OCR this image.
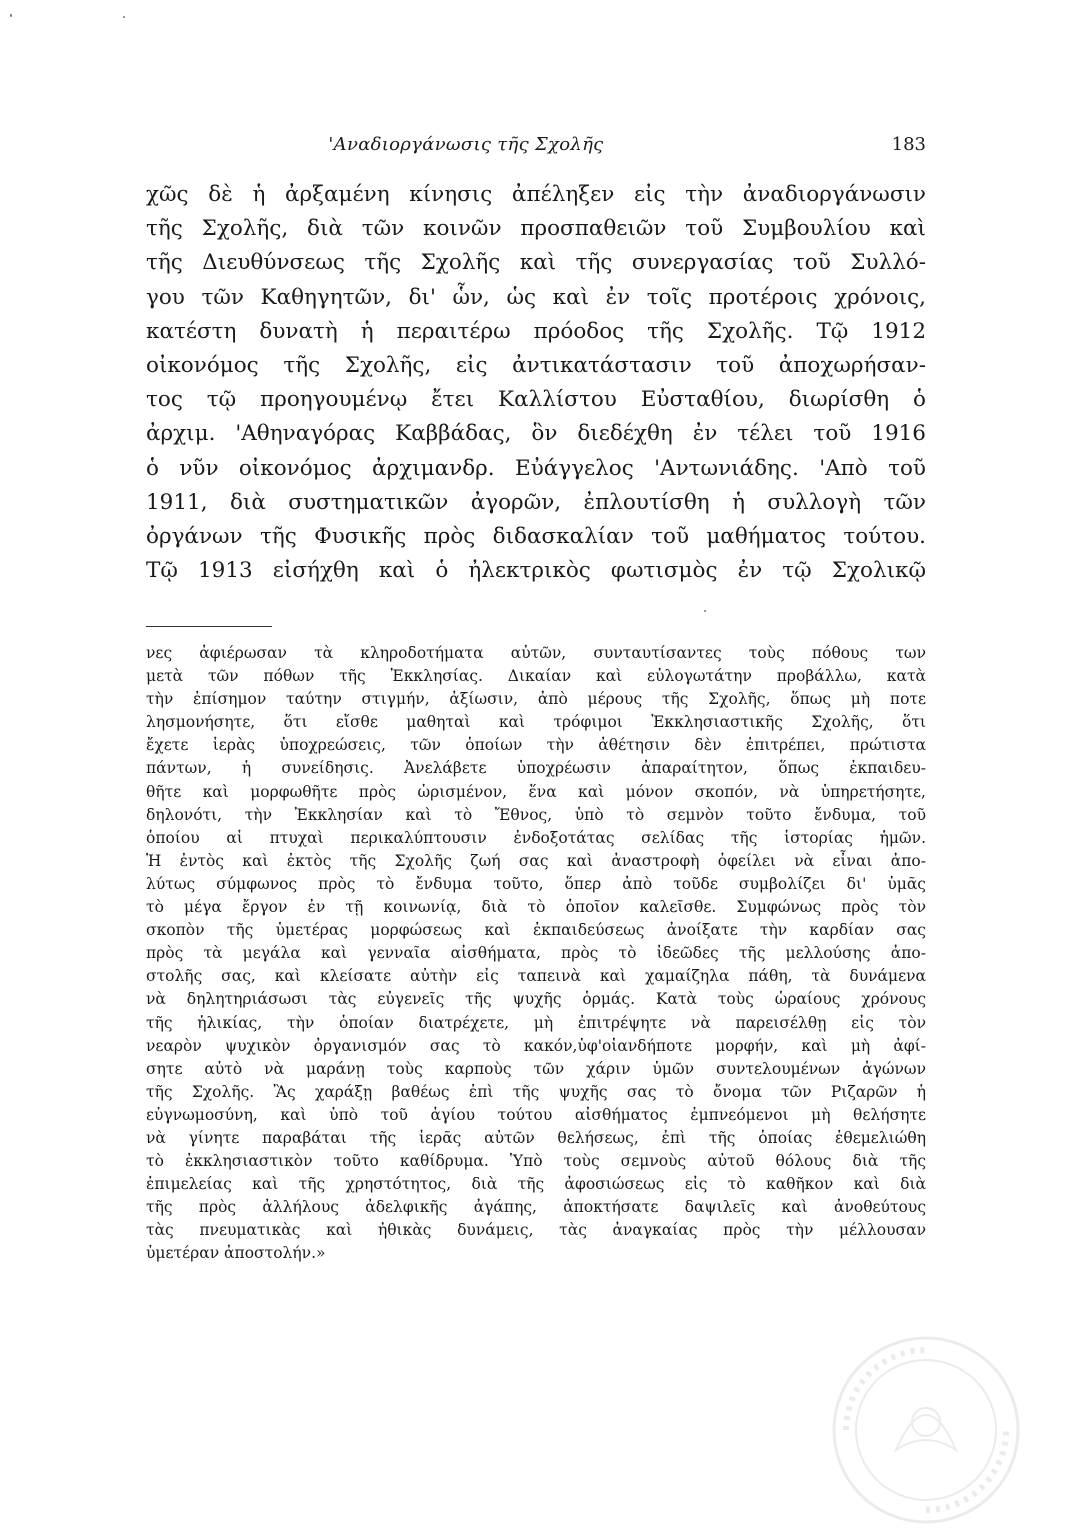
'Αναδιοργάνωσις τῆς Σχολῆς	183
χῶς δὲ ἡ ἀρξαμένη κίνησις ἀπέληξεν εἰς τὴν ἀναδιοργάνωσιν
τῆς Σχολῆς, διὰ τῶν κοινῶν προσπαθειῶν τοῦ Συμβουλίου καὶ
τῆς Διευθύνσεως τῆς Σχολῆς καὶ τῆς συνεργασίας τοῦ Συλλό-
γου τῶν Καθηγητῶν, δι' ὧν, ὡς καὶ ἐν τοῖς προτέροις χρόνοις,
κατέστη δυνατὴ ἡ περαιτέρω πρόοδος τῆς Σχολῆς. Τῷ 1912
οἰκονόμος τῆς Σχολῆς, εἰς ἀντικατάστασιν τοῦ ἀποχωρήσαν-
τος τῷ προηγουμένῳ ἔτει Καλλίστου Εὐσταθίου, διωρίσθη ὁ
ἀρχιμ. 'Αθηναγόρας Καββάδας, ὃν διεδέχθη ἐν τέλει τοῦ 1916
ὁ νῦν οἰκονόμος ἀρχιμανδρ. Εὐάγγελος 'Αντωνιάδης. 'Απὸ τοῦ
1911, διὰ συστηματικῶν ἀγορῶν, ἐπλουτίσθη ἡ συλλογὴ τῶν
ὀργάνων τῆς Φυσικῆς πρὸς διδασκαλίαν τοῦ μαθήματος τούτου.
Τῷ 1913 εἰσήχθη καὶ ὁ ἠλεκτρικὸς φωτισμὸς ἐν τῷ Σχολικῷ
νες ἀφιέρωσαν τὰ κληροδοτήματα αὐτῶν, συνταυτίσαντες τοὺς πόθους των
μετὰ τῶν πόθων τῆς Ἐκκλησίας. Δικαίαν καὶ εὐλογωτάτην προβάλλω, κατὰ
τὴν ἐπίσημον ταύτην στιγμήν, ἀξίωσιν, ἀπὸ μέρους τῆς Σχολῆς, ὅπως μὴ ποτε
λησμονήσητε, ὅτι εἴσθε μαθηταὶ καὶ τρόφιμοι Ἐκκλησιαστικῆς Σχολῆς, ὅτι
ἔχετε ἱερὰς ὑποχρεώσεις, τῶν ὁποίων τὴν ἀθέτησιν δὲν ἐπιτρέπει, πρώτιστα
πάντων, ἡ συνείδησις. Ἀνελάβετε ὑποχρέωσιν ἀπαραίτητον, ὅπως ἐκπαιδευ-
θῆτε καὶ μορφωθῆτε πρὸς ὡρισμένον, ἕνα καὶ μόνον σκοπόν, νὰ ὑπηρετήσητε,
δηλονότι, τὴν Ἐκκλησίαν καὶ τὸ Ἔθνος, ὑπὸ τὸ σεμνὸν τοῦτο ἔνδυμα, τοῦ
ὁποίου αἱ πτυχαὶ περικαλύπτουσιν ἐνδοξοτάτας σελίδας τῆς ἱστορίας ἡμῶν.
Ἡ ἐντὸς καὶ ἐκτὸς τῆς Σχολῆς ζωή σας καὶ ἀναστροφὴ ὀφείλει νὰ εἶναι ἀπο-
λύτως σύμφωνος πρὸς τὸ ἔνδυμα τοῦτο, ὅπερ ἀπὸ τοῦδε συμβολίζει δι' ὑμᾶς
τὸ μέγα ἔργον ἐν τῇ κοινωνίᾳ, διὰ τὸ ὁποῖον καλεῖσθε. Συμφώνως πρὸς τὸν
σκοπὸν τῆς ὑμετέρας μορφώσεως καὶ ἐκπαιδεύσεως ἀνοίξατε τὴν καρδίαν σας
πρὸς τὰ μεγάλα καὶ γενναῖα αἰσθήματα, πρὸς τὸ ἰδεῶδες τῆς μελλούσης ἀπο-
στολῆς σας, καὶ κλείσατε αὐτὴν εἰς ταπεινὰ καὶ χαμαίζηλα πάθη, τὰ δυνάμενα
νὰ δηλητηριάσωσι τὰς εὐγενεῖς τῆς ψυχῆς ὁρμάς. Κατὰ τοὺς ὡραίους χρόνους
τῆς ἡλικίας, τὴν ὁποίαν διατρέχετε, μὴ ἐπιτρέψητε νὰ παρεισέλθῃ εἰς τὸν
νεαρὸν ψυχικὸν ὀργανισμόν σας τὸ κακόν,ὑφ'οἱανδήποτε μορφήν, καὶ μὴ ἀφί-
σητε αὐτὸ νὰ μαράνῃ τοὺς καρποὺς τῶν χάριν ὑμῶν συντελουμένων ἀγώνων
τῆς Σχολῆς. Ἂς χαράξῃ βαθέως ἐπὶ τῆς ψυχῆς σας τὸ ὄνομα τῶν Ριζαρῶν ἡ
εὐγνωμοσύνη, καὶ ὑπὸ τοῦ ἁγίου τούτου αἰσθήματος ἐμπνεόμενοι μὴ θελήσητε
νὰ γίνητε παραβάται τῆς ἱερᾶς αὐτῶν θελήσεως, ἐπὶ τῆς ὁποίας ἐθεμελιώθη
τὸ ἐκκλησιαστικὸν τοῦτο καθίδρυμα. Ὑπὸ τοὺς σεμνοὺς αὐτοῦ θόλους διὰ τῆς
ἐπιμελείας καὶ τῆς χρηστότητος, διὰ τῆς ἀφοσιώσεως εἰς τὸ καθῆκον καὶ διὰ
τῆς πρὸς ἀλλήλους ἀδελφικῆς ἀγάπης, ἀποκτήσατε δαψιλεῖς καὶ ἀνοθεύτους
τὰς πνευματικὰς καὶ ἠθικὰς δυνάμεις, τὰς ἀναγκαίας πρὸς τὴν μέλλουσαν
ὑμετέραν ἀποστολήν.»
